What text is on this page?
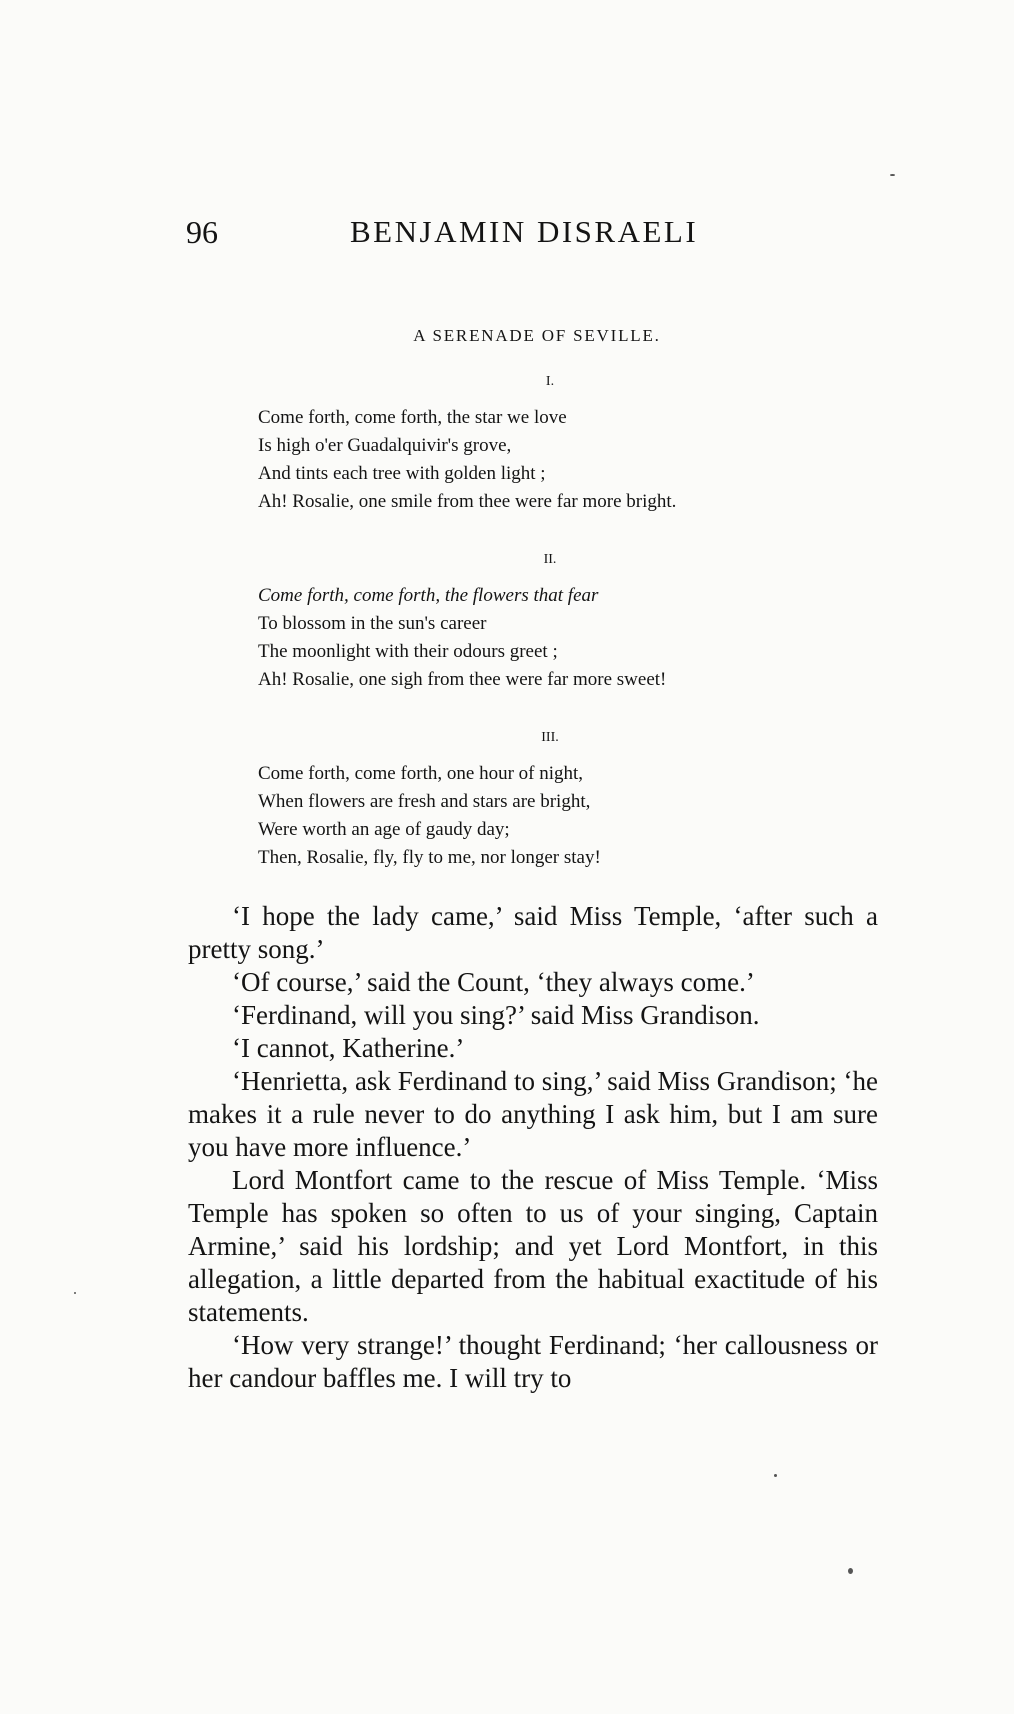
96	BENJAMIN DISRAELI
A SERENADE OF SEVILLE.
I.
Come forth, come forth, the star we love
Is high o'er Guadalquivir's grove,
And tints each tree with golden light ;
Ah! Rosalie, one smile from thee were far more bright.
II.
Come forth, come forth, the flowers that fear
To blossom in the sun's career
The moonlight with their odours greet ;
Ah! Rosalie, one sigh from thee were far more sweet!
III.
Come forth, come forth, one hour of night,
When flowers are fresh and stars are bright,
Were worth an age of gaudy day;
Then, Rosalie, fly, fly to me, nor longer stay!

‘I hope the lady came,’ said Miss Temple, ‘after such a pretty song.’

‘Of course,’ said the Count, ‘they always come.’

‘Ferdinand, will you sing?’ said Miss Grandison.

‘I cannot, Katherine.’

‘Henrietta, ask Ferdinand to sing,’ said Miss Grandison; ‘he makes it a rule never to do anything I ask him, but I am sure you have more influence.’

Lord Montfort came to the rescue of Miss Temple. ‘Miss Temple has spoken so often to us of your singing, Captain Armine,’ said his lordship; and yet Lord Montfort, in this allegation, a little departed from the habitual exactitude of his statements.

‘How very strange!’ thought Ferdinand; ‘her callousness or her candour baffles me. I will try to
